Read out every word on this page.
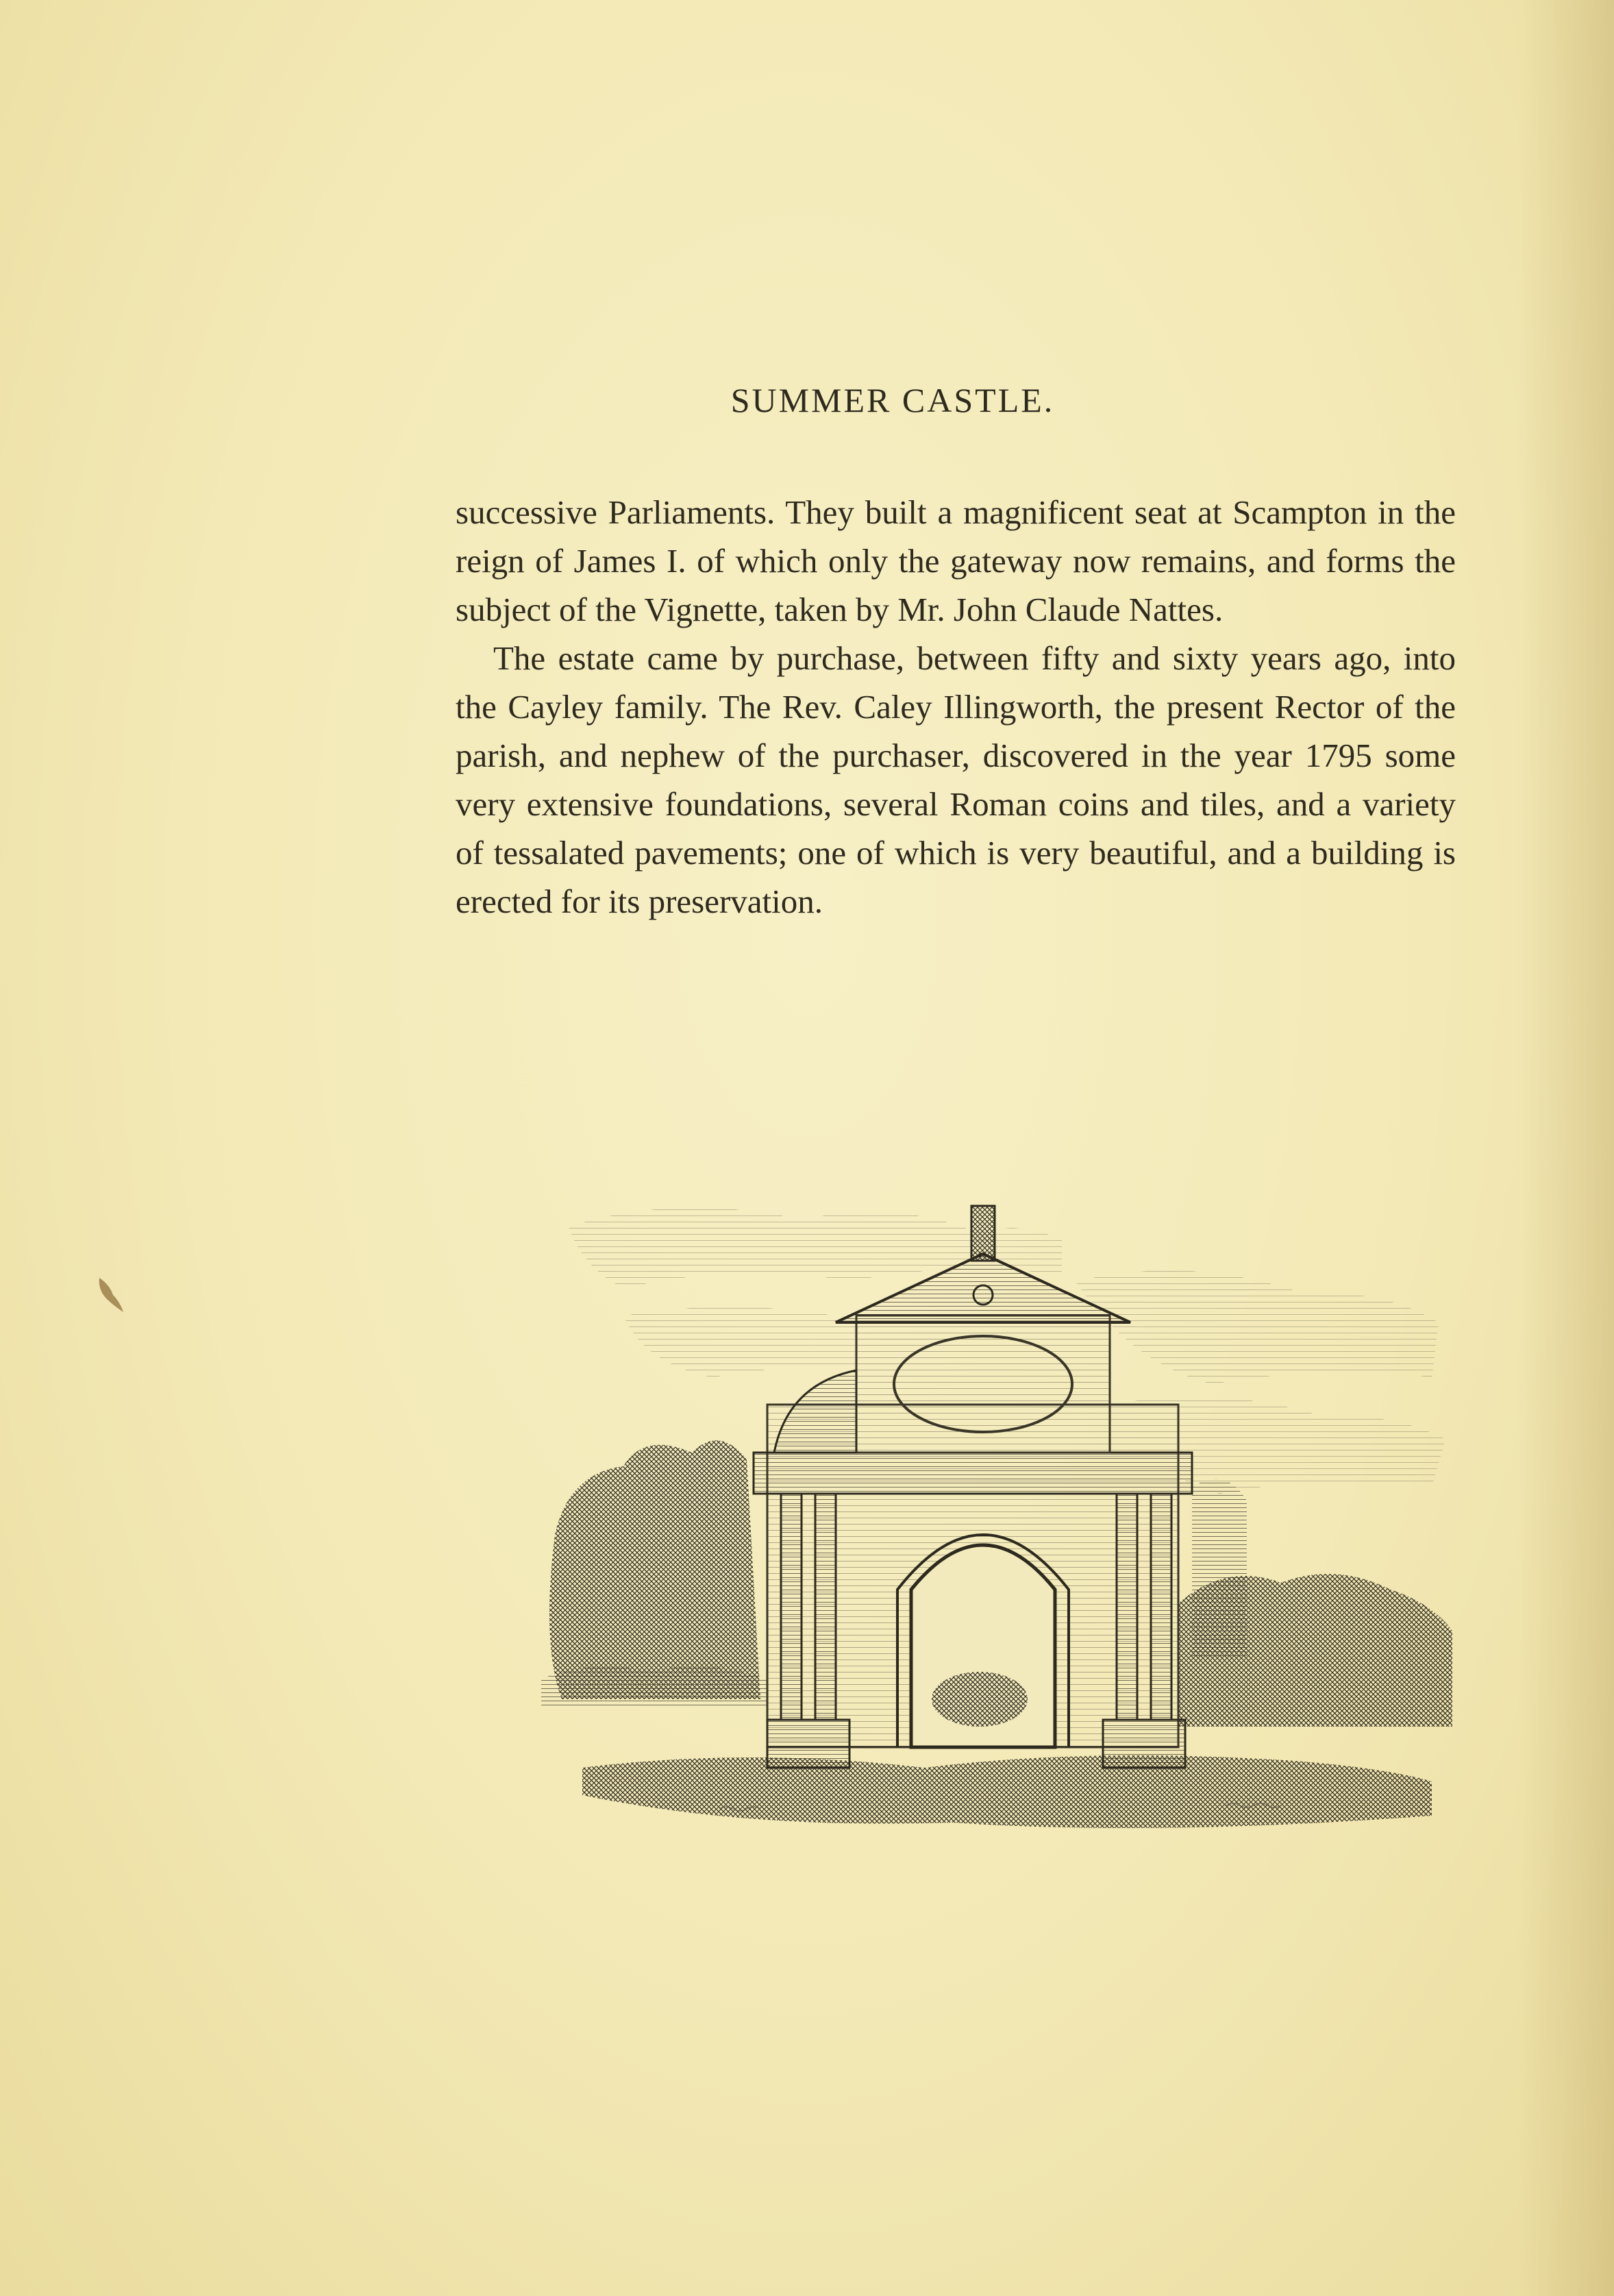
SUMMER CASTLE.

successive Parliaments. They built a magnificent seat at Scampton in the reign of James I. of which only the gateway now remains, and forms the subject of the Vignette, taken by Mr. John Claude Nattes.

The estate came by purchase, between fifty and sixty years ago, into the Cayley family. The Rev. Caley Illingworth, the present Rector of the parish, and nephew of the purchaser, discovered in the year 1795 some very extensive foundations, several Roman coins and tiles, and a variety of tessalated pavements; one of which is very beautiful, and a building is erected for its preservation.
